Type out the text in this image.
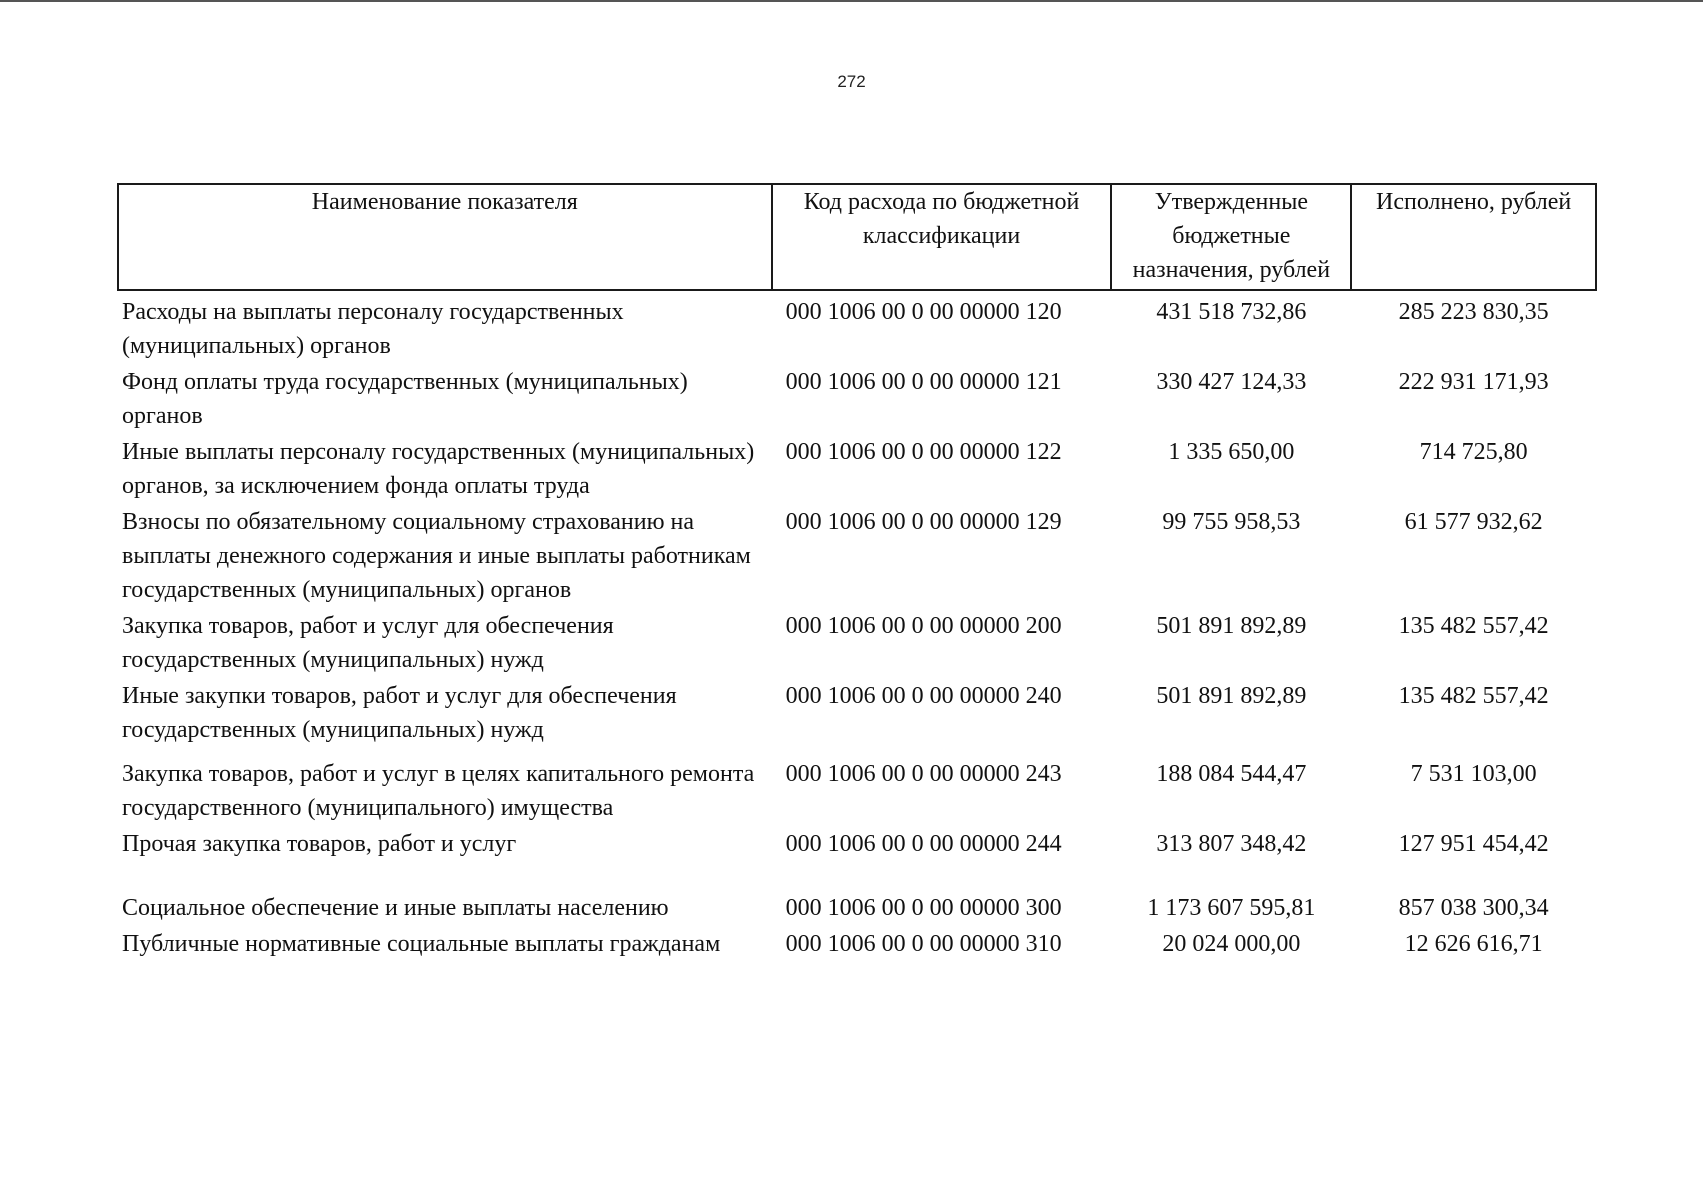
272
Наименование показателя	Код расхода по бюджетной классификации	Утвержденные бюджетные назначения, рублей	Исполнено, рублей
Расходы на выплаты персоналу государственных (муниципальных) органов	000 1006 00 0 00 00000 120	431 518 732,86	285 223 830,35
Фонд оплаты труда государственных (муниципальных) органов	000 1006 00 0 00 00000 121	330 427 124,33	222 931 171,93
Иные выплаты персоналу государственных (муниципальных) органов, за исключением фонда оплаты труда	000 1006 00 0 00 00000 122	1 335 650,00	714 725,80
Взносы по обязательному социальному страхованию на выплаты денежного содержания и иные выплаты работникам государственных (муниципальных) органов	000 1006 00 0 00 00000 129	99 755 958,53	61 577 932,62
Закупка товаров, работ и услуг для обеспечения государственных (муниципальных) нужд	000 1006 00 0 00 00000 200	501 891 892,89	135 482 557,42
Иные закупки товаров, работ и услуг для обеспечения государственных (муниципальных) нужд	000 1006 00 0 00 00000 240	501 891 892,89	135 482 557,42
Закупка товаров, работ и услуг в целях капитального ремонта государственного (муниципального) имущества	000 1006 00 0 00 00000 243	188 084 544,47	7 531 103,00
Прочая закупка товаров, работ и услуг	000 1006 00 0 00 00000 244	313 807 348,42	127 951 454,42
Социальное обеспечение и иные выплаты населению	000 1006 00 0 00 00000 300	1 173 607 595,81	857 038 300,34
Публичные нормативные социальные выплаты гражданам	000 1006 00 0 00 00000 310	20 024 000,00	12 626 616,71
